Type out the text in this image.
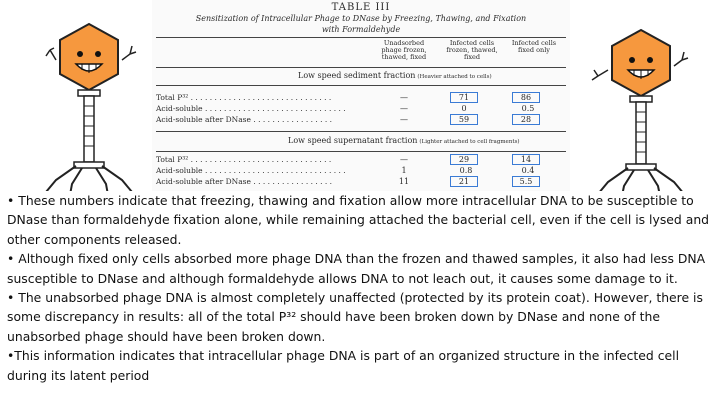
TABLE III
Sensitization of Intracellular Phage to DNase by Freezing, Thawing, and Fixation
with Formaldehyde
Unadsorbed phage frozen, thawed, fixed
Infected cells frozen, thawed, fixed
Infected cells fixed only
Low speed sediment fraction (Heavier attached to cells)
Total P³² . . . . . . . . . . . . . . . . . . . . . . . . . . . . . .	—	71	86
Acid-soluble . . . . . . . . . . . . . . . . . . . . . . . . . . . . . .	—	0	0.5
Acid-soluble after DNase . . . . . . . . . . . . . . . . .	—	59	28
Low speed supernatant fraction (Lighter attached to cell fragments)
Total P³² . . . . . . . . . . . . . . . . . . . . . . . . . . . . . .	—	29	14
Acid-soluble . . . . . . . . . . . . . . . . . . . . . . . . . . . . . .	1	0.8	0.4
Acid-soluble after DNase . . . . . . . . . . . . . . . . .	11	21	5.5

• These numbers indicate that freezing, thawing and fixation allow more intracellular DNA to be susceptible to DNase than formaldehyde fixation alone, while remaining attached the bacterial cell, even if the cell is lysed and other components released.

• Although fixed only cells absorbed more phage DNA than the frozen and thawed samples, it also had less DNA susceptible to DNase and although formaldehyde allows DNA to not leach out, it causes some damage to it.

• The unabsorbed phage DNA is almost completely unaffected (protected by its protein coat). However, there is some discrepancy in results: all of the total P³² should have been broken down by DNase and none of the unabsorbed phage should have been broken down.

•This information indicates that intracellular phage DNA is part of an organized structure in the infected cell during its latent period
